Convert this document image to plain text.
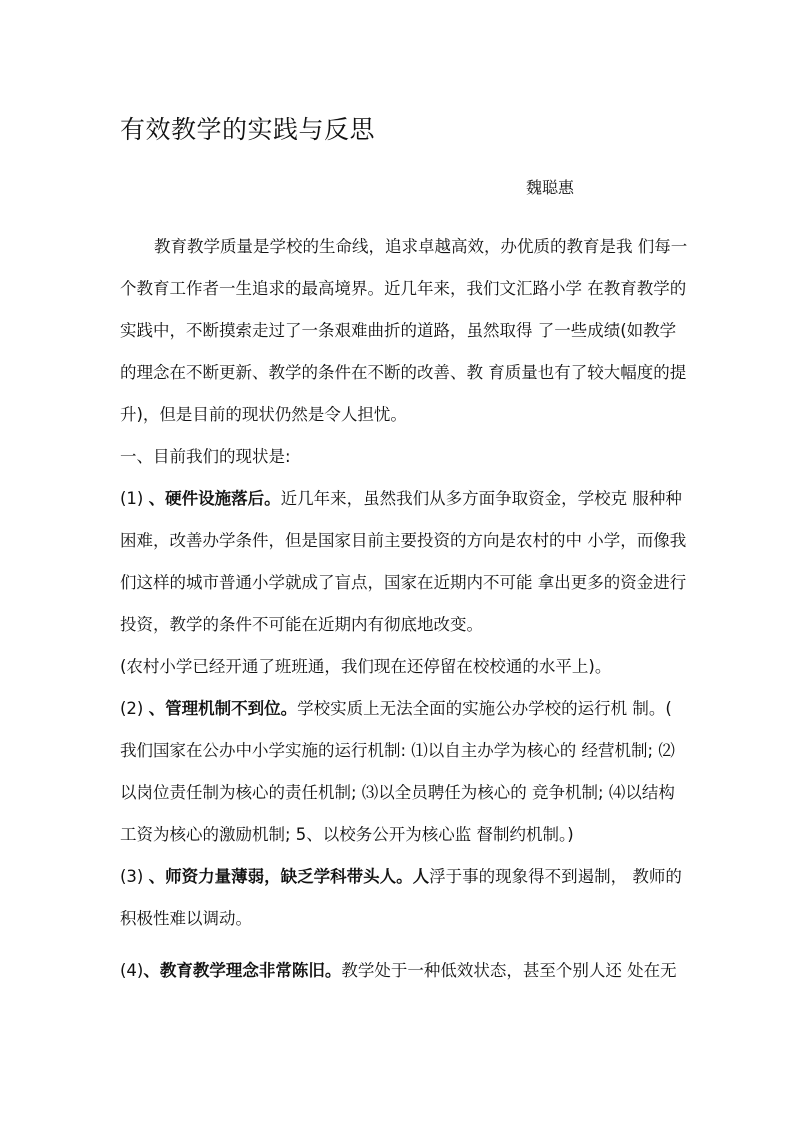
有效教学的实践与反思
魏聪惠
教育教学质量是学校的生命线，追求卓越高效，办优质的教育是我 们每一
个教育工作者一生追求的最高境界。近几年来，我们文汇路小学 在教育教学的
实践中，不断摸索走过了一条艰难曲折的道路，虽然取得 了一些成绩(如教学
的理念在不断更新、教学的条件在不断的改善、教 育质量也有了较大幅度的提
升)，但是目前的现状仍然是令人担忧。
一、目前我们的现状是:
(1) 、硬件设施落后。近几年来，虽然我们从多方面争取资金，学校克 服种种
困难，改善办学条件，但是国家目前主要投资的方向是农村的中 小学，而像我
们这样的城市普通小学就成了盲点，国家在近期内不可能 拿出更多的资金进行
投资，教学的条件不可能在近期内有彻底地改变。
(农村小学已经开通了班班通，我们现在还停留在校校通的水平上)。
(2) 、管理机制不到位。学校实质上无法全面的实施公办学校的运行机 制。(
我们国家在公办中小学实施的运行机制: ⑴以自主办学为核心的 经营机制; ⑵
以岗位责任制为核心的责任机制; ⑶以全员聘任为核心的 竞争机制; ⑷以结构
工资为核心的激励机制; 5、以校务公开为核心监 督制约机制。)
(3) 、师资力量薄弱，缺乏学科带头人。人浮于事的现象得不到遏制， 教师的
积极性难以调动。
(4)、教育教学理念非常陈旧。教学处于一种低效状态，甚至个别人还 处在无
